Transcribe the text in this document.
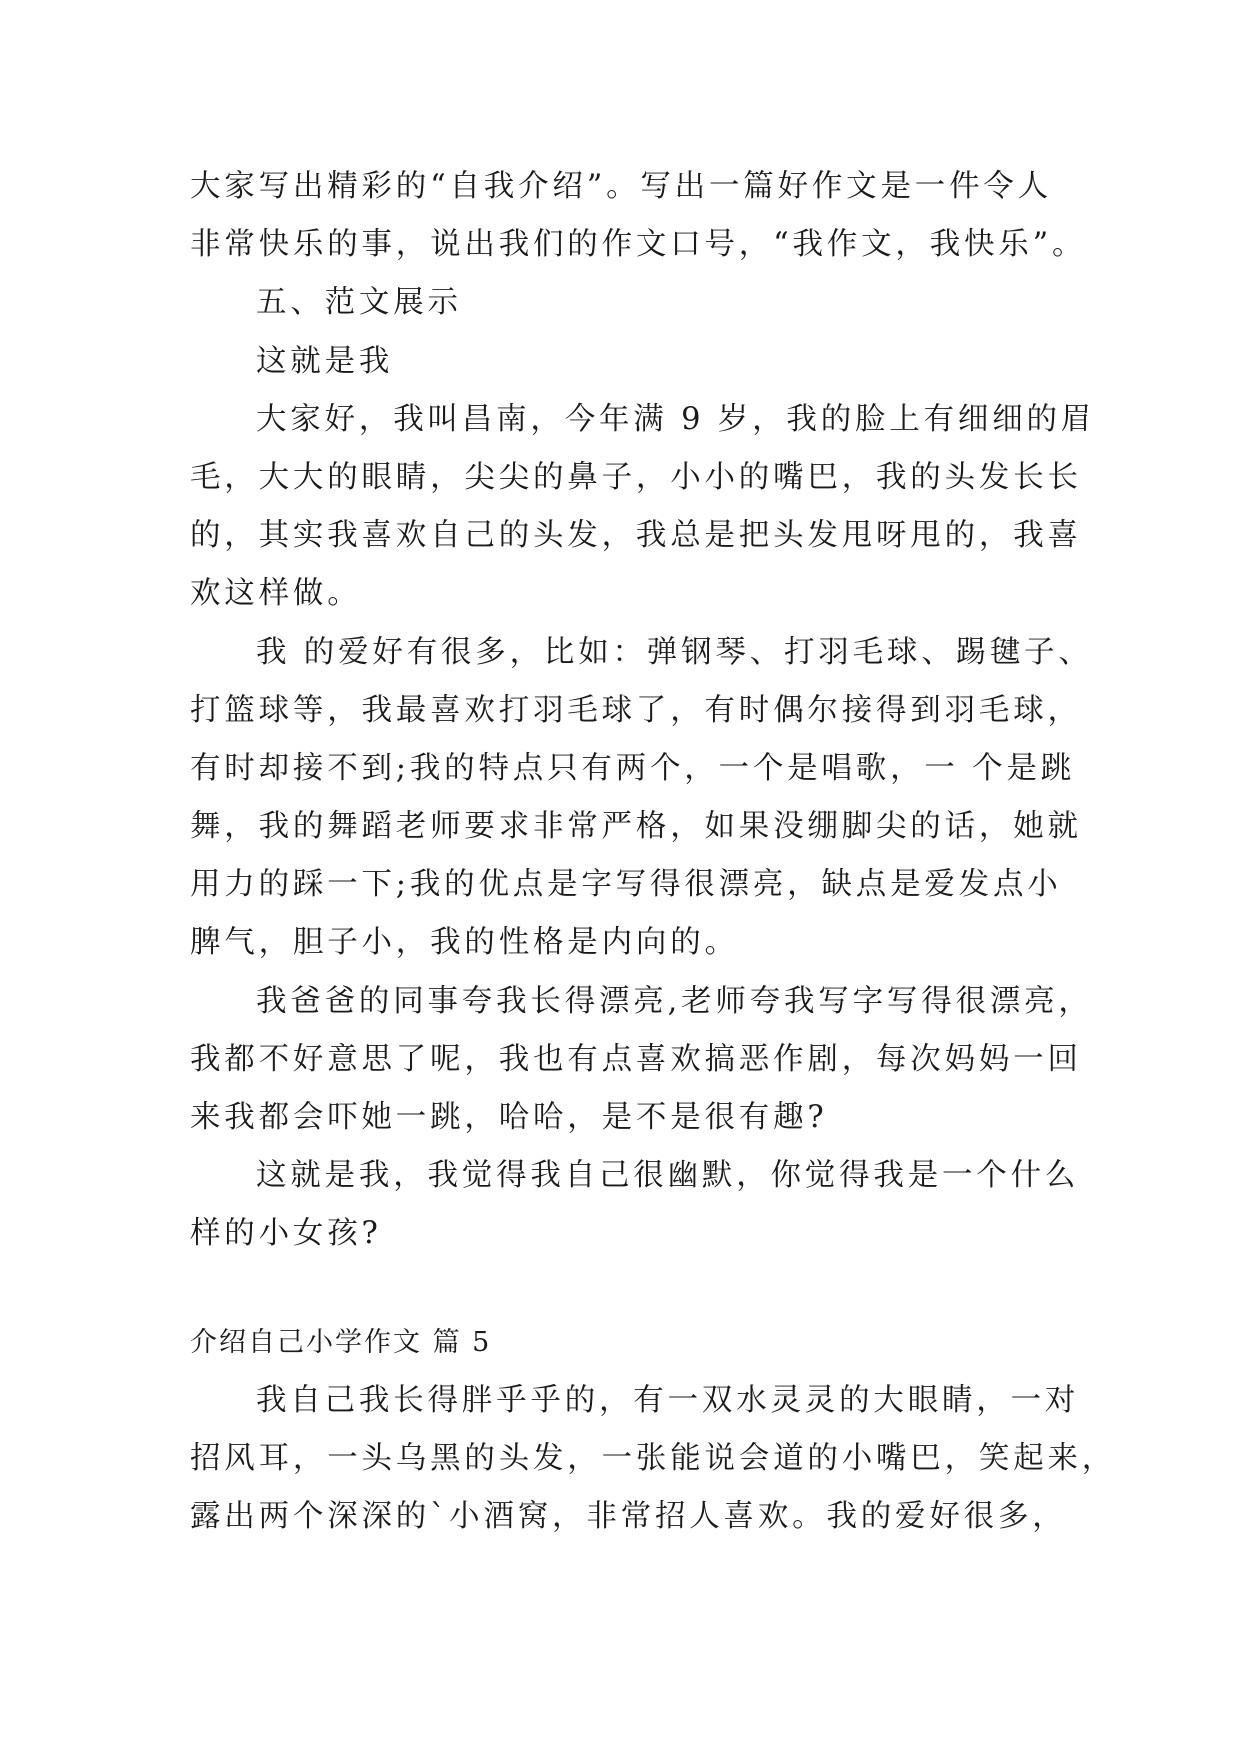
大家写出精彩的“自我介绍”。写出一篇好作文是一件令人
非常快乐的事，说出我们的作文口号，“我作文，我快乐”。
五、范文展示
这就是我
大家好，我叫昌南，今年满 9 岁，我的脸上有细细的眉
毛，大大的眼睛，尖尖的鼻子，小小的嘴巴，我的头发长长
的，其实我喜欢自己的头发，我总是把头发甩呀甩的，我喜
欢这样做。
我 的爱好有很多，比如：弹钢琴、打羽毛球、踢毽子、
打篮球等，我最喜欢打羽毛球了，有时偶尔接得到羽毛球，
有时却接不到;我的特点只有两个，一个是唱歌，一 个是跳
舞，我的舞蹈老师要求非常严格，如果没绷脚尖的话，她就
用力的踩一下;我的优点是字写得很漂亮，缺点是爱发点小
脾气，胆子小，我的性格是内向的。
我爸爸的同事夸我长得漂亮,老师夸我写字写得很漂亮，
我都不好意思了呢，我也有点喜欢搞恶作剧，每次妈妈一回
来我都会吓她一跳，哈哈，是不是很有趣?
这就是我，我觉得我自己很幽默，你觉得我是一个什么
样的小女孩?
介绍自己小学作文 篇 5
我自己我长得胖乎乎的，有一双水灵灵的大眼睛，一对
招风耳，一头乌黑的头发，一张能说会道的小嘴巴，笑起来，
露出两个深深的`小酒窝，非常招人喜欢。我的爱好很多，
